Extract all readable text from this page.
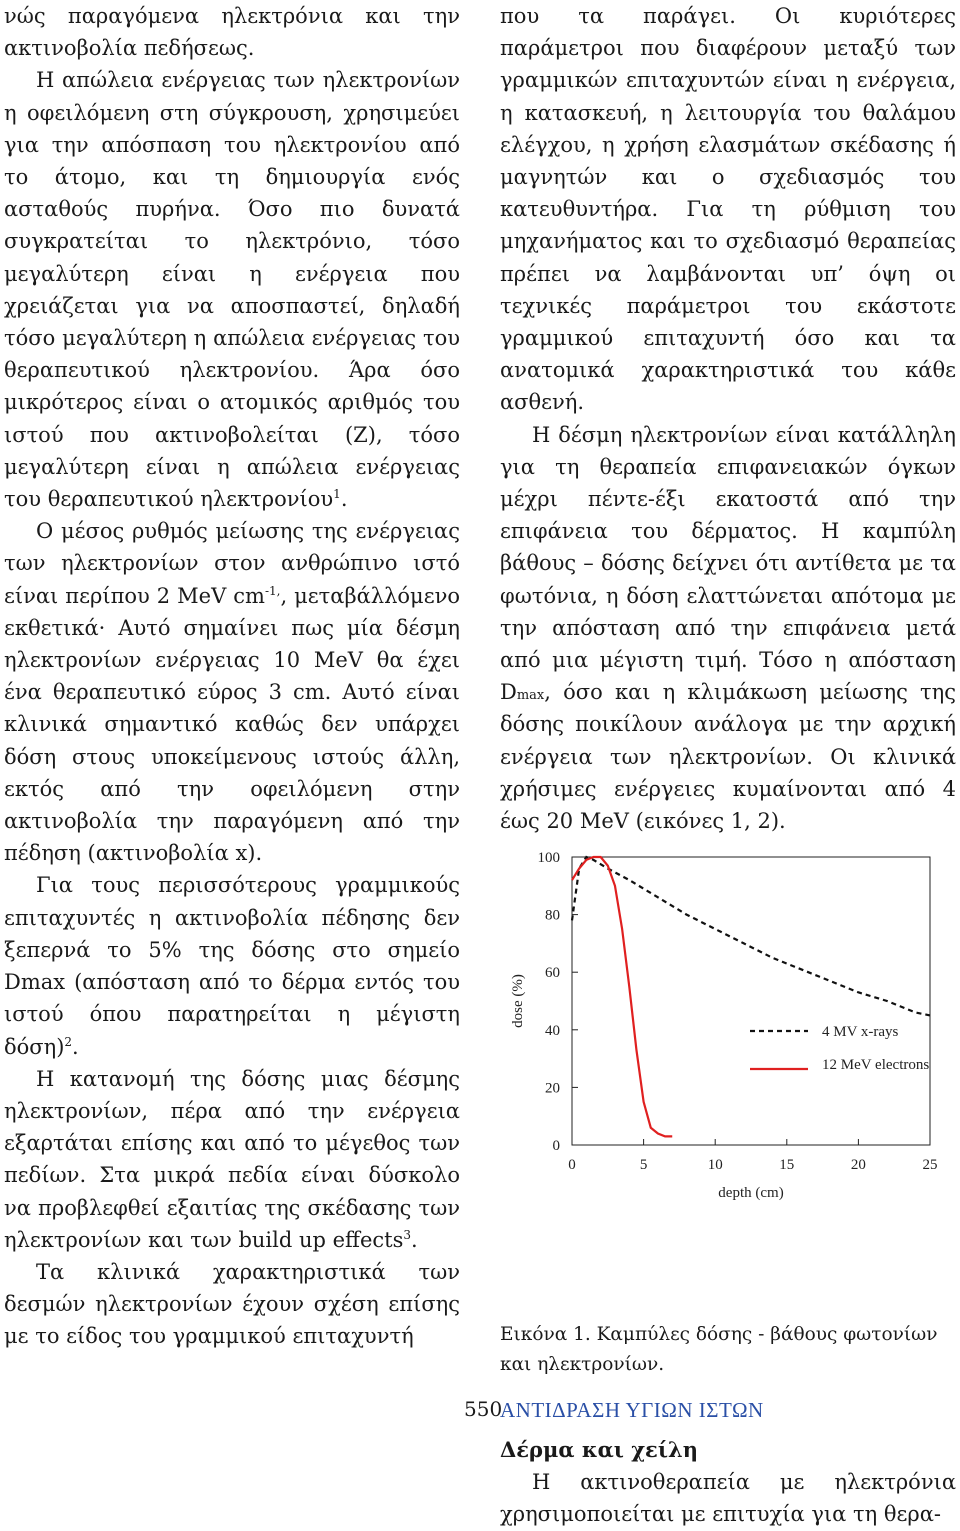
νώς παραγόμενα ηλεκτρόνια και την ακτινοβολία πεδήσεως.

Η απώλεια ενέργειας των ηλεκτρονίων η οφειλόμενη στη σύγκρουση, χρησιμεύει για την απόσπαση του ηλεκτρονίου από το άτομο, και τη δημιουργία ενός ασταθούς πυρήνα. Όσο πιο δυνατά συγκρατείται το ηλεκτρόνιο, τόσο μεγαλύτερη είναι η ενέργεια που χρειάζεται για να αποσπαστεί, δηλαδή τόσο μεγαλύτερη η απώλεια ενέργειας του θεραπευτικού ηλεκτρονίου. Άρα όσο μικρότερος είναι ο ατομικός αριθμός του ιστού που ακτινοβολείται (Ζ), τόσο μεγαλύτερη είναι η απώλεια ενέργειας του θεραπευτικού ηλεκτρονίου$^1$.

Ο μέσος ρυθμός μείωσης της ενέργειας των ηλεκτρονίων στον ανθρώπινο ιστό είναι περίπου 2 MeV $cm^{-1,}$, μεταβάλλόμενο εκθετικά· Αυτό σημαίνει πως μία δέσμη ηλεκτρονίων ενέργειας 10 MeV θα έχει ένα θεραπευτικό εύρος 3 cm. Αυτό είναι κλινικά σημαντικό καθώς δεν υπάρχει δόση στους υποκείμενους ιστούς άλλη, εκτός από την οφειλόμενη στην ακτινοβολία την παραγόμενη από την πέδηση (ακτινοβολία x).

Για τους περισσότερους γραμμικούς επιταχυντές η ακτινοβολία πέδησης δεν ξεπερνά το 5% της δόσης στο σημείο Dmax (απόσταση από το δέρμα εντός του ιστού όπου παρατηρείται η μέγιστη δόση)$^2$.

Η κατανομή της δόσης μιας δέσμης ηλεκτρονίων, πέρα από την ενέργεια εξαρτάται επίσης και από το μέγεθος των πεδίων. Στα μικρά πεδία είναι δύσκολο να προβλεφθεί εξαιτίας της σκέδασης των ηλεκτρονίων και των build up effects$^3$.

Τα κλινικά χαρακτηριστικά των δεσμών ηλεκτρονίων έχουν σχέση επίσης με το είδος του γραμμικού επιταχυντή

που τα παράγει. Οι κυριότερες παράμετροι που διαφέρουν μεταξύ των γραμμικών επιταχυντών είναι η ενέργεια, η κατασκευή, η λειτουργία του θαλάμου ελέγχου, η χρήση ελασμάτων σκέδασης ή μαγνητών και ο σχεδιασμός του κατευθυντήρα. Για τη ρύθμιση του μηχανήματος και το σχεδιασμό θεραπείας πρέπει να λαμβάνονται υπ’ όψη οι τεχνικές παράμετροι του εκάστοτε γραμμικού επιταχυντή όσο και τα ανατομικά χαρακτηριστικά του κάθε ασθενή.

Η δέσμη ηλεκτρονίων είναι κατάλληλη για τη θεραπεία επιφανειακών όγκων μέχρι πέντε-έξι εκατοστά από την επιφάνεια του δέρματος. Η καμπύλη βάθους – δόσης δείχνει ότι αντίθετα με τα φωτόνια, η δόση ελαττώνεται απότομα με την απόσταση από την επιφάνεια μετά από μια μέγιστη τιμή. Τόσο η απόσταση Dmax, όσο και η κλιμάκωση μείωσης της δόσης ποικίλουν ανάλογα με την αρχική ενέργεια των ηλεκτρονίων. Οι κλινικά χρήσιμες ενέργειες κυμαίνονται από 4 έως 20 MeV (εικόνες 1, 2).

0	5	10	15	20	25
0
20
40
60
80
100
depth (cm)
dose (%)
4 MV x-rays
12 MeV electrons
Εικόνα 1. Καμπύλες δόσης - βάθους φωτονίων και ηλεκτρονίων.
ΑΝΤΙΔΡΑΣΗ ΥΓΙΩΝ ΙΣΤΩΝ
Δέρμα και χείλη

Η ακτινοθεραπεία με ηλεκτρόνια χρησιμοποιείται με επιτυχία για τη θερα-

550
